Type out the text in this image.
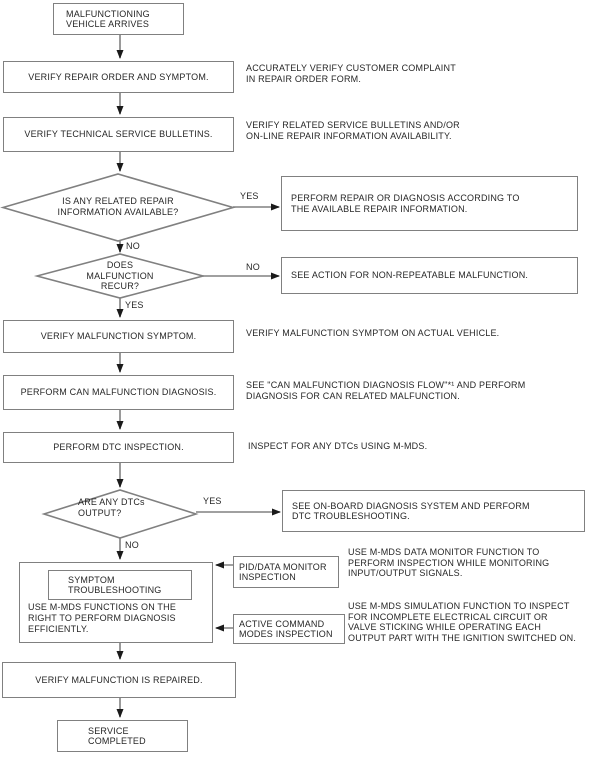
MALFUNCTIONING
VEHICLE ARRIVES
VERIFY REPAIR ORDER AND SYMPTOM.
VERIFY TECHNICAL SERVICE BULLETINS.
IS ANY RELATED REPAIR
INFORMATION AVAILABLE?
DOES
MALFUNCTION
RECUR?
ARE ANY DTCs
OUTPUT?
VERIFY MALFUNCTION SYMPTOM.
PERFORM CAN MALFUNCTION DIAGNOSIS.
PERFORM DTC INSPECTION.
SYMPTOM
TROUBLESHOOTING
USE M-MDS FUNCTIONS ON THE
RIGHT TO PERFORM DIAGNOSIS
EFFICIENTLY.
VERIFY MALFUNCTION IS REPAIRED.
SERVICE
COMPLETED
PERFORM REPAIR OR DIAGNOSIS ACCORDING TO
THE AVAILABLE REPAIR INFORMATION.
SEE ACTION FOR NON-REPEATABLE MALFUNCTION.
SEE ON-BOARD DIAGNOSIS SYSTEM AND PERFORM
DTC TROUBLESHOOTING.
PID/DATA MONITOR
INSPECTION
ACTIVE COMMAND
MODES INSPECTION
ACCURATELY VERIFY CUSTOMER COMPLAINT
IN REPAIR ORDER FORM.
VERIFY RELATED SERVICE BULLETINS AND/OR
ON-LINE REPAIR INFORMATION AVAILABILITY.
VERIFY MALFUNCTION SYMPTOM ON ACTUAL VEHICLE.
SEE "CAN MALFUNCTION DIAGNOSIS FLOW"*¹ AND PERFORM
DIAGNOSIS FOR CAN RELATED MALFUNCTION.
INSPECT FOR ANY DTCs USING M-MDS.
USE M-MDS DATA MONITOR FUNCTION TO
PERFORM INSPECTION WHILE MONITORING
INPUT/OUTPUT SIGNALS.
USE M-MDS SIMULATION FUNCTION TO INSPECT
FOR INCOMPLETE ELECTRICAL CIRCUIT OR
VALVE STICKING WHILE OPERATING EACH
OUTPUT PART WITH THE IGNITION SWITCHED ON.
YES
NO
NO
YES
YES
NO
